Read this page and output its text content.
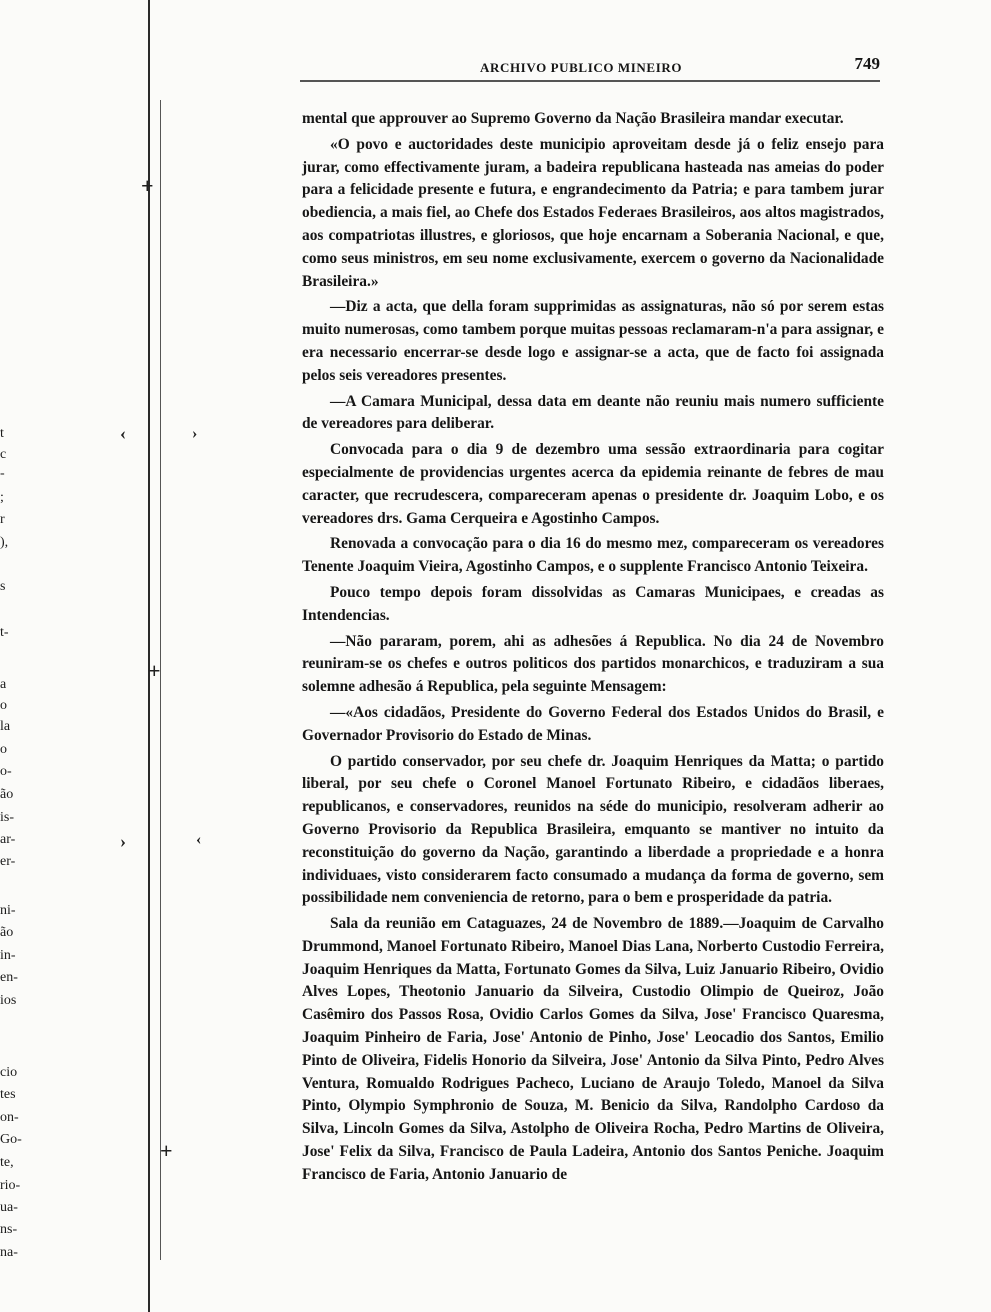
+
‹	›
+
›	‹
+
t
c
-
;
r
),
s
t-
a
o
la
o
o-
ão
is-
ar-
er-
ni-
ão
in-
en-
ios
cio
tes
on-
Go-
te,
rio-
ua-
ns-
na-
ARCHIVO PUBLICO MINEIRO	749

mental que approuver ao Supremo Governo da Nação Brasileira mandar executar.

«O povo e auctoridades deste municipio aproveitam desde já o feliz ensejo para jurar, como effectivamente juram, a badeira republicana hasteada nas ameias do poder para a felicidade presente e futura, e engrandecimento da Patria; e para tambem jurar obediencia, a mais fiel, ao Chefe dos Estados Federaes Brasileiros, aos altos magistrados, aos compatriotas illustres, e gloriosos, que hoje encarnam a Soberania Nacional, e que, como seus ministros, em seu nome exclusivamente, exercem o governo da Nacionalidade Brasileira.»

—Diz a acta, que della foram supprimidas as assignaturas, não só por serem estas muito numerosas, como tambem porque muitas pessoas reclamaram-n'a para assignar, e era necessario encerrar-se desde logo e assignar-se a acta, que de facto foi assignada pelos seis vereadores presentes.

—A Camara Municipal, dessa data em deante não reuniu mais numero sufficiente de vereadores para deliberar.

Convocada para o dia 9 de dezembro uma sessão extraordinaria para cogitar especialmente de providencias urgentes acerca da epidemia reinante de febres de mau caracter, que recrudescera, compareceram apenas o presidente dr. Joaquim Lobo, e os vereadores drs. Gama Cerqueira e Agostinho Campos.

Renovada a convocação para o dia 16 do mesmo mez, compareceram os vereadores Tenente Joaquim Vieira, Agostinho Campos, e o supplente Francisco Antonio Teixeira.

Pouco tempo depois foram dissolvidas as Camaras Municipaes, e creadas as Intendencias.

—Não pararam, porem, ahi as adhesões á Republica. No dia 24 de Novembro reuniram-se os chefes e outros politicos dos partidos monarchicos, e traduziram a sua solemne adhesão á Republica, pela seguinte Mensagem:

—«Aos cidadãos, Presidente do Governo Federal dos Estados Unidos do Brasil, e Governador Provisorio do Estado de Minas.

O partido conservador, por seu chefe dr. Joaquim Henriques da Matta; o partido liberal, por seu chefe o Coronel Manoel Fortunato Ribeiro, e cidadãos liberaes, republicanos, e conservadores, reunidos na séde do municipio, resolveram adherir ao Governo Provisorio da Republica Brasileira, emquanto se mantiver no intuito da reconstituição do governo da Nação, garantindo a liberdade a propriedade e a honra individuaes, visto considerarem facto consumado a mudança da forma de governo, sem possibilidade nem conveniencia de retorno, para o bem e prosperidade da patria.

Sala da reunião em Cataguazes, 24 de Novembro de 1889.—Joaquim de Carvalho Drummond, Manoel Fortunato Ribeiro, Manoel Dias Lana, Norberto Custodio Ferreira, Joaquim Henriques da Matta, Fortunato Gomes da Silva, Luiz Januario Ribeiro, Ovidio Alves Lopes, Theotonio Januario da Silveira, Custodio Olimpio de Queiroz, João Casêmiro dos Passos Rosa, Ovidio Carlos Gomes da Silva, Jose' Francisco Quaresma, Joaquim Pinheiro de Faria, Jose' Antonio de Pinho, Jose' Leocadio dos Santos, Emilio Pinto de Oliveira, Fidelis Honorio da Silveira, Jose' Antonio da Silva Pinto, Pedro Alves Ventura, Romualdo Rodrigues Pacheco, Luciano de Araujo Toledo, Manoel da Silva Pinto, Olympio Symphronio de Souza, M. Benicio da Silva, Randolpho Cardoso da Silva, Lincoln Gomes da Silva, Astolpho de Oliveira Rocha, Pedro Martins de Oliveira, Jose' Felix da Silva, Francisco de Paula Ladeira, Antonio dos Santos Peniche. Joaquim Francisco de Faria, Antonio Januario de
